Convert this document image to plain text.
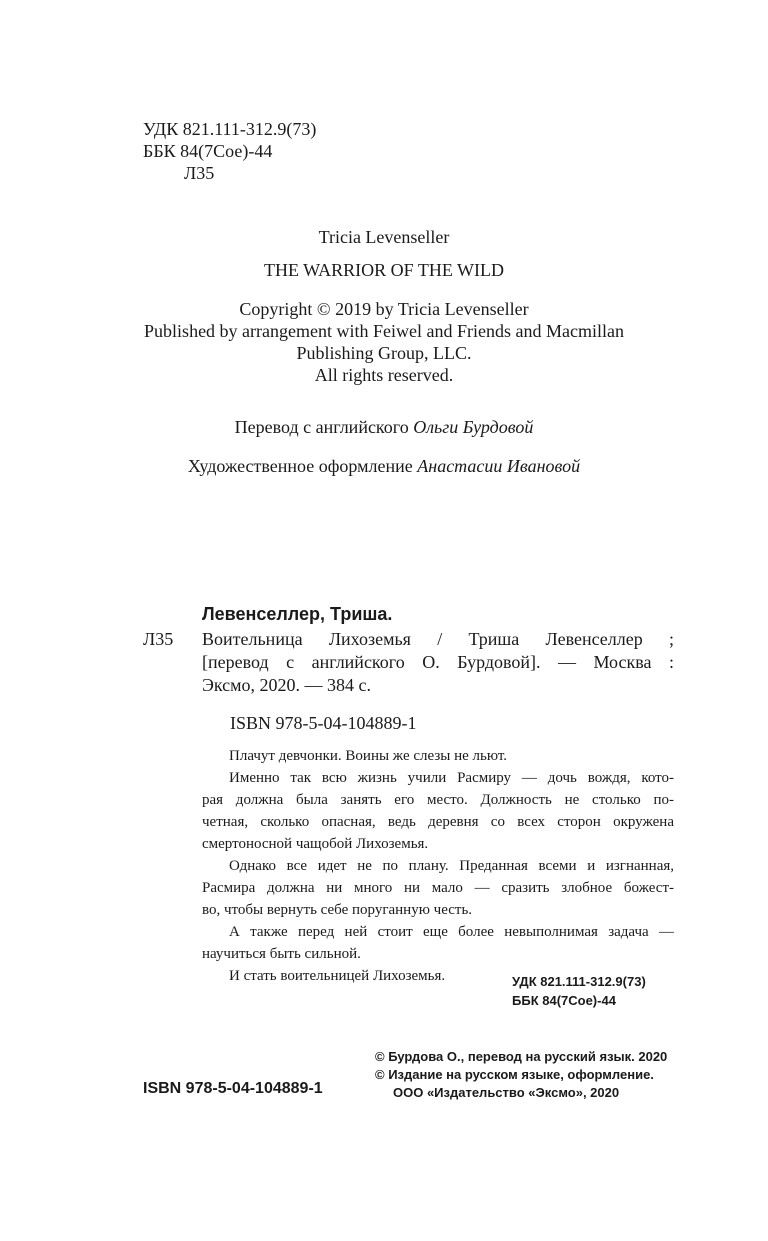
УДК 821.111-312.9(73)
ББК 84(7Сое)-44
Л35
Tricia Levenseller
THE WARRIOR OF THE WILD
Copyright © 2019 by Tricia Levenseller
Published by arrangement with Feiwel and Friends and Macmillan
Publishing Group, LLC.
All rights reserved.
Перевод с английского Ольги Бурдовой
Художественное оформление Анастасии Ивановой
Левенселлер, Триша.
Л35 Воительница Лихоземья / Триша Левенселлер ;
[перевод с английского О. Бурдовой]. — Москва :
Эксмо, 2020. — 384 с.
ISBN 978-5-04-104889-1

Плачут девчонки. Воины же слезы не льют.

Именно так всю жизнь учили Расмиру — дочь вождя, кото-

рая должна была занять его место. Должность не столько по-

четная, сколько опасная, ведь деревня со всех сторон окружена

смертоносной чащобой Лихоземья.

Однако все идет не по плану. Преданная всеми и изгнанная,

Расмира должна ни много ни мало — сразить злобное божест-

во, чтобы вернуть себе поруганную честь.

А также перед ней стоит еще более невыполнимая задача —

научиться быть сильной.

И стать воительницей Лихоземья.	УДК 821.111-312.9(73)
ББК 84(7Сое)-44
ISBN 978-5-04-104889-1
© Бурдова О., перевод на русский язык. 2020
© Издание на русском языке, оформление.
ООО «Издательство «Эксмо», 2020
